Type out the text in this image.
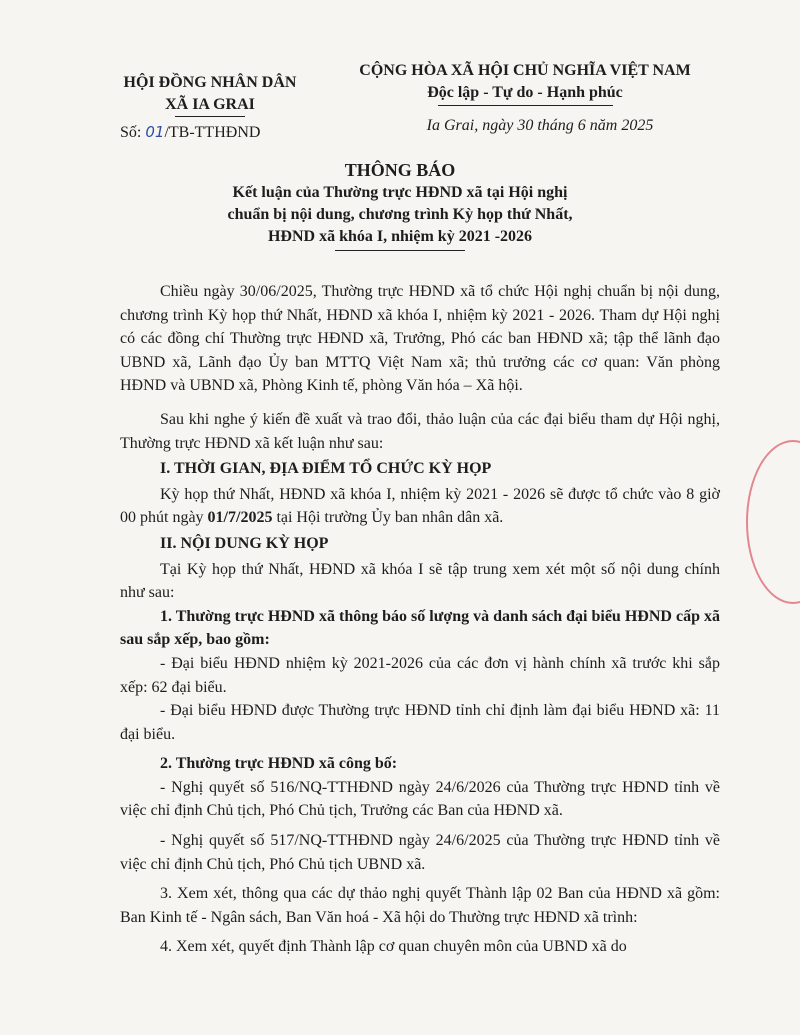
HỘI ĐỒNG NHÂN DÂN
XÃ IA GRAI
Số: 01/TB-TTHĐND
CỘNG HÒA XÃ HỘI CHỦ NGHĨA VIỆT NAM
Độc lập - Tự do - Hạnh phúc
Ia Grai, ngày 30 tháng 6 năm 2025
THÔNG BÁO
Kết luận của Thường trực HĐND xã tại Hội nghị
chuẩn bị nội dung, chương trình Kỳ họp thứ Nhất,
HĐND xã khóa I, nhiệm kỳ 2021 -2026

Chiều ngày 30/06/2025, Thường trực HĐND xã tổ chức Hội nghị chuẩn bị nội dung, chương trình Kỳ họp thứ Nhất, HĐND xã khóa I, nhiệm kỳ 2021 - 2026. Tham dự Hội nghị có các đồng chí Thường trực HĐND xã, Trưởng, Phó các ban HĐND xã; tập thể lãnh đạo UBND xã, Lãnh đạo Ủy ban MTTQ Việt Nam xã; thủ trưởng các cơ quan: Văn phòng HĐND và UBND xã, Phòng Kinh tế, phòng Văn hóa – Xã hội.

Sau khi nghe ý kiến đề xuất và trao đổi, thảo luận của các đại biểu tham dự Hội nghị, Thường trực HĐND xã kết luận như sau:

I. THỜI GIAN, ĐỊA ĐIỂM TỔ CHỨC KỲ HỌP

Kỳ họp thứ Nhất, HĐND xã khóa I, nhiệm kỳ 2021 - 2026 sẽ được tổ chức vào 8 giờ 00 phút ngày 01/7/2025 tại Hội trường Ủy ban nhân dân xã.

II. NỘI DUNG KỲ HỌP

Tại Kỳ họp thứ Nhất, HĐND xã khóa I sẽ tập trung xem xét một số nội dung chính như sau:

1. Thường trực HĐND xã thông báo số lượng và danh sách đại biểu HĐND cấp xã sau sắp xếp, bao gồm:

- Đại biểu HĐND nhiệm kỳ 2021-2026 của các đơn vị hành chính xã trước khi sắp xếp: 62 đại biểu.

- Đại biểu HĐND được Thường trực HĐND tỉnh chỉ định làm đại biểu HĐND xã: 11 đại biểu.

2. Thường trực HĐND xã công bố:

- Nghị quyết số 516/NQ-TTHĐND ngày 24/6/2026 của Thường trực HĐND tỉnh về việc chỉ định Chủ tịch, Phó Chủ tịch, Trưởng các Ban của HĐND xã.

- Nghị quyết số 517/NQ-TTHĐND ngày 24/6/2025 của Thường trực HĐND tỉnh về việc chỉ định Chủ tịch, Phó Chủ tịch UBND xã.

3. Xem xét, thông qua các dự thảo nghị quyết Thành lập 02 Ban của HĐND xã gồm: Ban Kinh tế - Ngân sách, Ban Văn hoá - Xã hội do Thường trực HĐND xã trình:

4. Xem xét, quyết định Thành lập cơ quan chuyên môn của UBND xã do
